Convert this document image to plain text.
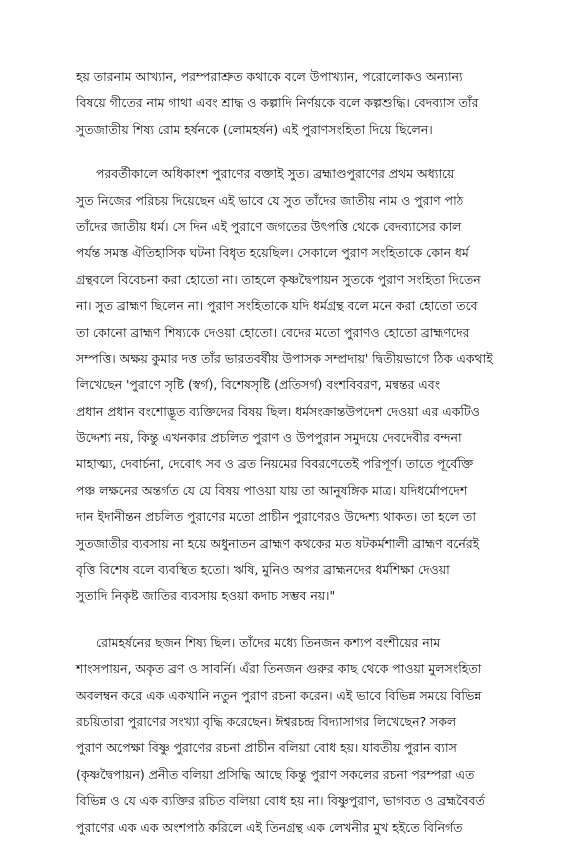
হয় তারনাম আখ্যান, পরম্পরাশ্রুত কথাকে বলে উপাখ্যান, পরোলোকও অন্যান্য
বিষয়ে গীতের নাম গাথা এবং শ্রাদ্ধ ও কল্পাদি নির্ণয়কে বলে কল্পশুদ্ধি। বেদব্যাস তাঁর
সুতজাতীয় শিষ্য রোম হর্ষনকে (লোমহর্ষন) এই পুরাণসংহিতা দিয়ে ছিলেন।
পরবর্তীকালে অধিকাংশ পুরাণের বক্তাই সুত। ব্রহ্মাণ্ডপুরাণের প্রথম অধ্যায়ে
সুত নিজের পরিচয় দিয়েছেন এই ভাবে যে সুত তাঁদের জাতীয় নাম ও পুরাণ পাঠ
তাঁদের জাতীয় ধর্ম। সে দিন এই পুরাণে জগতের উৎপত্তি থেকে বেদব্যাসের কাল
পর্যন্ত সমস্ত ঐতিহাসিক ঘটনা বিধৃত হয়েছিল। সেকালে পুরাণ সংহিতাকে কোন ধর্ম
গ্রন্থবলে বিবেচনা করা হোতো না। তাহলে কৃষ্ণদ্বৈপায়ন সুতকে পুরাণ সংহিতা দিতেন
না। সুত ব্রাহ্মণ ছিলেন না। পুরাণ সংহিতাকে যদি ধর্মগ্রন্থ বলে মনে করা হোতো তবে
তা কোনো ব্রাহ্মণ শিষ্যকে দেওয়া হোতো। বেদের মতো পুরাণও হোতো ব্রাহ্মণদের
সম্পত্তি। অক্ষয় কুমার দত্ত তাঁর ভারতবর্ষীয় উপাসক সম্প্রদায়' দ্বিতীয়ভাগে ঠিক একথাই
লিখেছেন 'পুরাণে সৃষ্টি (স্বর্গ), বিশেষসৃষ্টি (প্রতিসর্গ) বংশবিবরণ, মন্বন্তর এবং
প্রধান প্রধান বংশোদ্ভূত ব্যক্তিদের বিষয় ছিল। ধর্মসংক্রান্তউপদেশ দেওয়া এর একটিও
উদ্দেশ্য নয়, কিন্তু এখনকার প্রচলিত পুরাণ ও উপপুরান সমুদয়ে দেবদেবীর বন্দনা
মাহাত্ম্য, দেবার্চনা, দেবোৎ সব ও ব্রত নিয়মের বিবরণেতেই পরিপূর্ণ। তাতে পূর্বেক্তি
পঞ্চ লক্ষনের অন্তর্গত যে যে বিষয় পাওয়া যায় তা আনুষঙ্গিক মাত্র। যদিধর্মোপদেশ
দান ইদানীন্তন প্রচলিত পুরাণের মতো প্রাচীন পুরাণেরও উদ্দেশ্য থাকত। তা হলে তা
সুতজাতীর ব্যবসায় না হয়ে অধুনাতন ব্রাহ্মণ কথকের মত ষটকর্মশালী ব্রাহ্মণ বর্নেরই
বৃত্তি বিশেষ বলে ব্যবস্থিত হতো। ঋষি, মুনিও অপর ব্রাহ্মনদের ধর্মশিক্ষা দেওয়া
সুতাদি নিকৃষ্ট জাতির ব্যবসায় হওয়া কদাচ সম্ভব নয়।"
রোমহর্ষনের ছজন শিষ্য ছিল। তাঁদের মধ্যে তিনজন কশ্যপ বংশীয়ের নাম
শাংসপায়ন, অকৃত ব্রণ ও সাবর্নি। এঁরা তিনজন গুরুর কাছ থেকে পাওয়া মুলসংহিতা
অবলম্বন করে এক একখানি নতুন পুরাণ রচনা করেন। এই ভাবে বিভিন্ন সময়ে বিভিন্ন
রচয়িতারা পুরাণের সংখ্যা বৃদ্ধি করেছেন। ঈশ্বরচন্দ্র বিদ্যাসাগর লিখেছেন? সকল
পুরাণ অপেক্ষা বিষ্ণু পুরাণের রচনা প্রাচীন বলিয়া বোধ হয়। যাবতীয় পুরান ব্যাস
(কৃষ্ণদ্বৈপায়ন) প্রনীত বলিয়া প্রসিদ্ধি আছে কিন্তু পুরাণ সকলের রচনা পরম্পরা এত
বিভিন্ন ও যে এক ব্যক্তির রচিত বলিয়া বোধ হয় না। বিষ্ণুপুরাণ, ভাগবত ও ব্রহ্মবৈবর্ত
পুরাণের এক এক অংশপাঠ করিলে এই তিনগ্রন্থ এক লেখনীর মুখ হইতে বিনির্গত
